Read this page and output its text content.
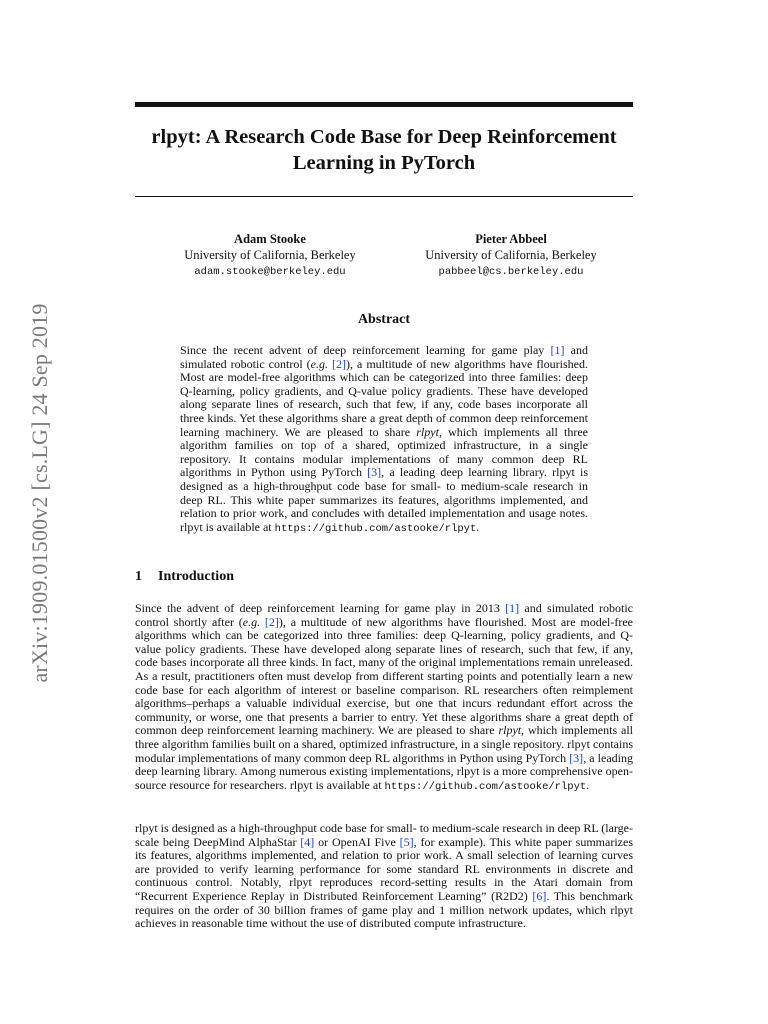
arXiv:1909.01500v2 [cs.LG] 24 Sep 2019
rlpyt: A Research Code Base for Deep Reinforcement
Learning in PyTorch
Adam Stooke
University of California, Berkeley
adam.stooke@berkeley.edu
Pieter Abbeel
University of California, Berkeley
pabbeel@cs.berkeley.edu
Abstract

Since the recent advent of deep reinforcement learning for game play [1] and simulated robotic control (e.g. [2]), a multitude of new algorithms have flourished. Most are model-free algorithms which can be categorized into three families: deep Q-learning, policy gradients, and Q-value policy gradients. These have developed along separate lines of research, such that few, if any, code bases incorporate all three kinds. Yet these algorithms share a great depth of common deep reinforcement learning machinery. We are pleased to share rlpyt, which implements all three algorithm families on top of a shared, optimized infrastructure, in a single repository. It contains modular implementations of many common deep RL algorithms in Python using PyTorch [3], a leading deep learning library. rlpyt is designed as a high-throughput code base for small- to medium-scale research in deep RL. This white paper summarizes its features, algorithms implemented, and relation to prior work, and concludes with detailed implementation and usage notes. rlpyt is available at https://github.com/astooke/rlpyt.

1 Introduction

Since the advent of deep reinforcement learning for game play in 2013 [1] and simulated robotic control shortly after (e.g. [2]), a multitude of new algorithms have flourished. Most are model-free algorithms which can be categorized into three families: deep Q-learning, policy gradients, and Q-value policy gradients. These have developed along separate lines of research, such that few, if any, code bases incorporate all three kinds. In fact, many of the original implementations remain unreleased. As a result, practitioners often must develop from different starting points and potentially learn a new code base for each algorithm of interest or baseline comparison. RL researchers often reimplement algorithms–perhaps a valuable individual exercise, but one that incurs redundant effort across the community, or worse, one that presents a barrier to entry. Yet these algorithms share a great depth of common deep reinforcement learning machinery. We are pleased to share rlpyt, which implements all three algorithm families built on a shared, optimized infrastructure, in a single repository. rlpyt contains modular implementations of many common deep RL algorithms in Python using PyTorch [3], a leading deep learning library. Among numerous existing implementations, rlpyt is a more comprehensive open-source resource for researchers. rlpyt is available at https://github.com/astooke/rlpyt.

rlpyt is designed as a high-throughput code base for small- to medium-scale research in deep RL (large-scale being DeepMind AlphaStar [4] or OpenAI Five [5], for example). This white paper summarizes its features, algorithms implemented, and relation to prior work. A small selection of learning curves are provided to verify learning performance for some standard RL environments in discrete and continuous control. Notably, rlpyt reproduces record-setting results in the Atari domain from “Recurrent Experience Replay in Distributed Reinforcement Learning” (R2D2) [6]. This benchmark requires on the order of 30 billion frames of game play and 1 million network updates, which rlpyt achieves in reasonable time without the use of distributed compute infrastructure.
